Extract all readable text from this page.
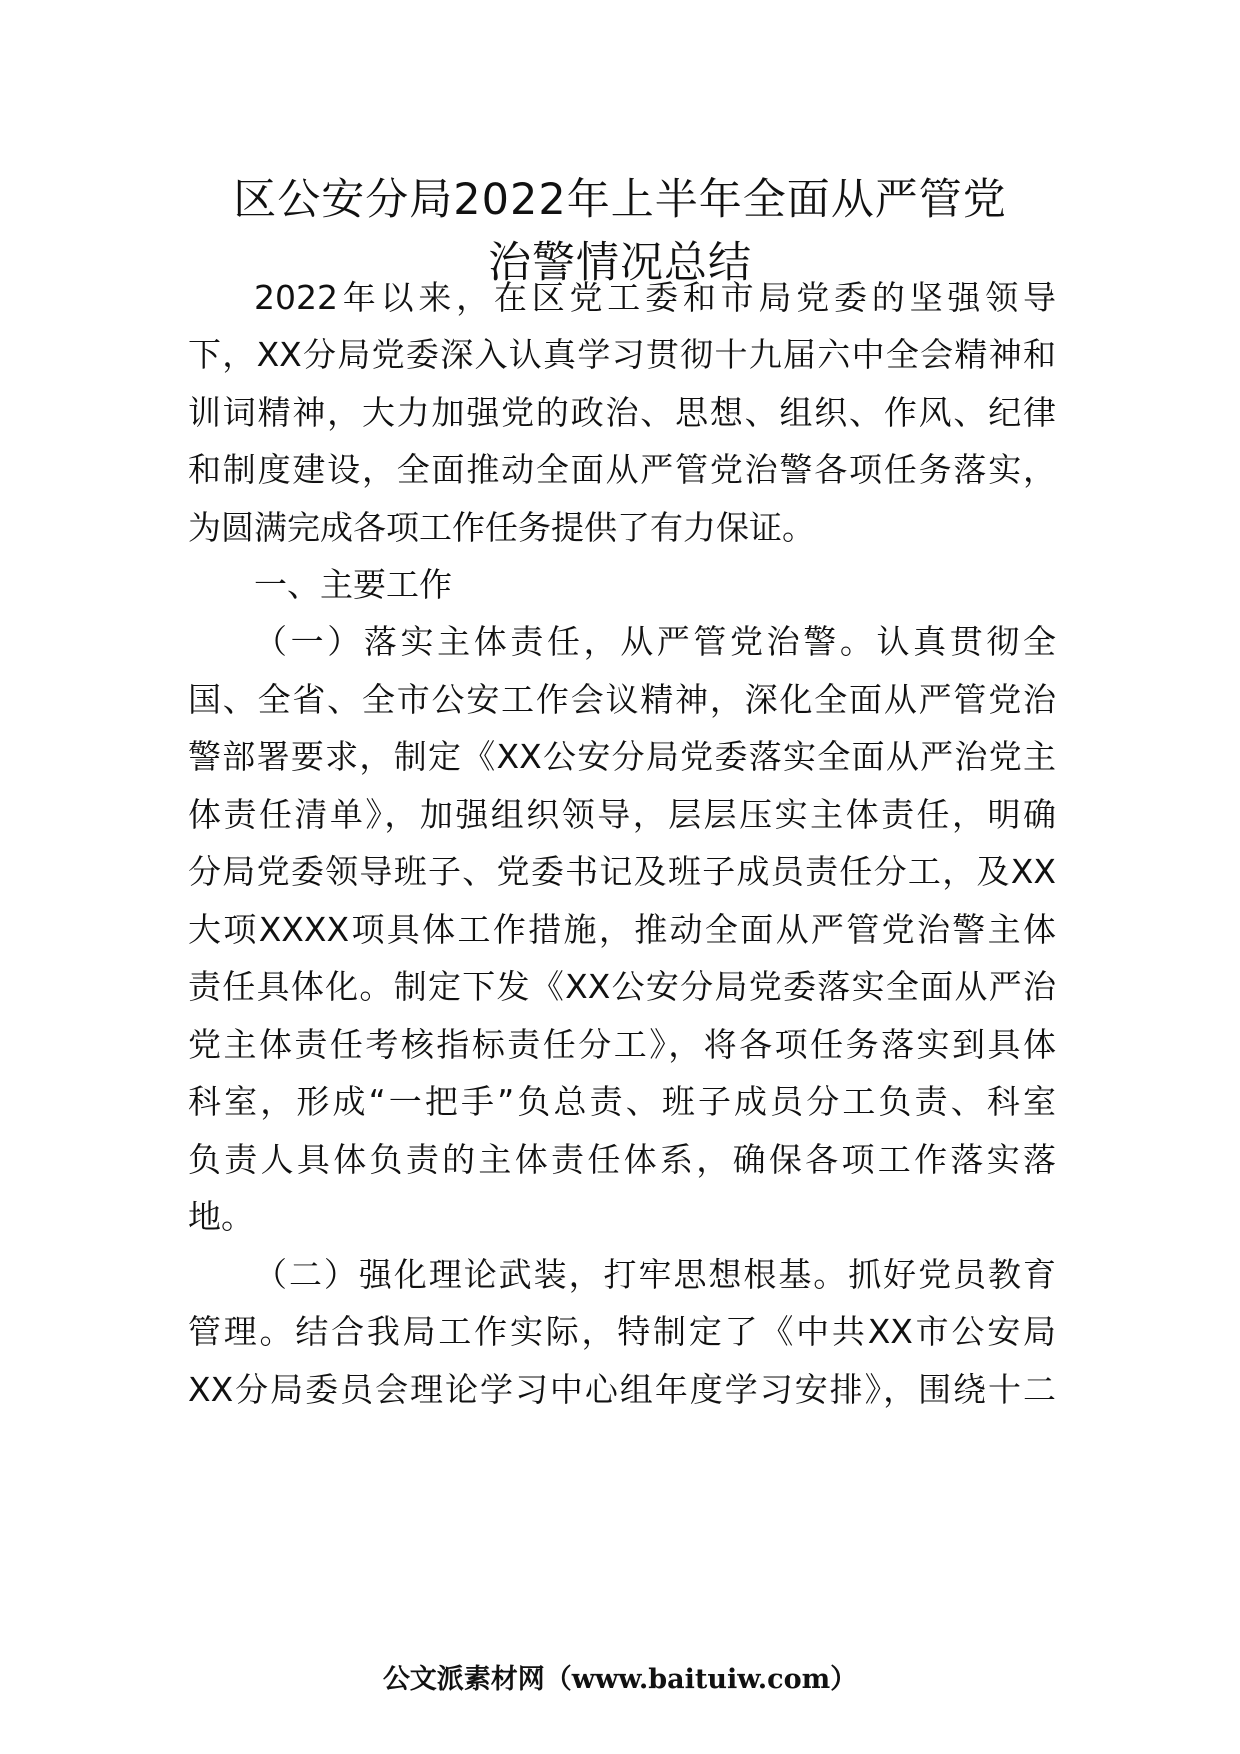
区公安分局2022年上半年全面从严管党
治警情况总结
2022年以来，在区党工委和市局党委的坚强领导
下，XX分局党委深入认真学习贯彻十九届六中全会精神和
训词精神，大力加强党的政治、思想、组织、作风、纪律
和制度建设，全面推动全面从严管党治警各项任务落实，
为圆满完成各项工作任务提供了有力保证。
一、主要工作
（一）落实主体责任，从严管党治警。认真贯彻全
国、全省、全市公安工作会议精神，深化全面从严管党治
警部署要求，制定《XX公安分局党委落实全面从严治党主
体责任清单》，加强组织领导，层层压实主体责任，明确
分局党委领导班子、党委书记及班子成员责任分工，及XX
大项XXXX项具体工作措施，推动全面从严管党治警主体
责任具体化。制定下发《XX公安分局党委落实全面从严治
党主体责任考核指标责任分工》，将各项任务落实到具体
科室，形成“一把手”负总责、班子成员分工负责、科室
负责人具体负责的主体责任体系，确保各项工作落实落
地。
（二）强化理论武装，打牢思想根基。抓好党员教育
管理。结合我局工作实际，特制定了《中共XX市公安局
XX分局委员会理论学习中心组年度学习安排》，围绕十二
公文派素材网（www.baituiw.com）
